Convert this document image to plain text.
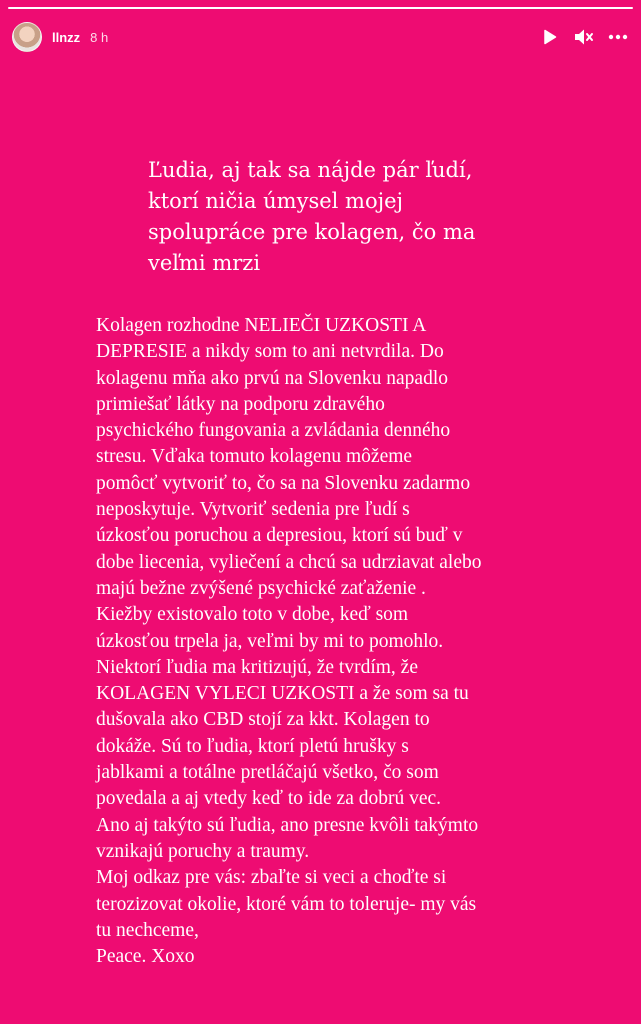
llnzz 8 h
Ľudia, aj tak sa nájde pár ľudí,
ktorí ničia úmysel mojej
spolupráce pre kolagen, čo ma
veľmi mrzi
Kolagen rozhodne NELIEČI UZKOSTI A
DEPRESIE a nikdy som to ani netvrdila. Do
kolagenu mňa ako prvú na Slovenku napadlo
primiešať látky na podporu zdravého
psychického fungovania a zvládania denného
stresu. Vďaka tomuto kolagenu môžeme
pomôcť vytvoriť to, čo sa na Slovenku zadarmo
neposkytuje. Vytvoriť sedenia pre ľudí s
úzkosťou poruchou a depresiou, ktorí sú buď v
dobe liecenia, vyliečení a chcú sa udrziavat alebo
majú bežne zvýšené psychické zaťaženie .
Kiežby existovalo toto v dobe, keď som
úzkosťou trpela ja, veľmi by mi to pomohlo.
Niektorí ľudia ma kritizujú, že tvrdím, že
KOLAGEN VYLECI UZKOSTI a že som sa tu
dušovala ako CBD stojí za kkt. Kolagen to
dokáže. Sú to ľudia, ktorí pletú hrušky s
jablkami a totálne pretláčajú všetko, čo som
povedala a aj vtedy keď to ide za dobrú vec.
Ano aj takýto sú ľudia, ano presne kvôli takýmto
vznikajú poruchy a traumy.
Moj odkaz pre vás: zbaľte si veci a choďte si
terozizovat okolie, ktoré vám to toleruje- my vás
tu nechceme,
Peace. Xoxo
